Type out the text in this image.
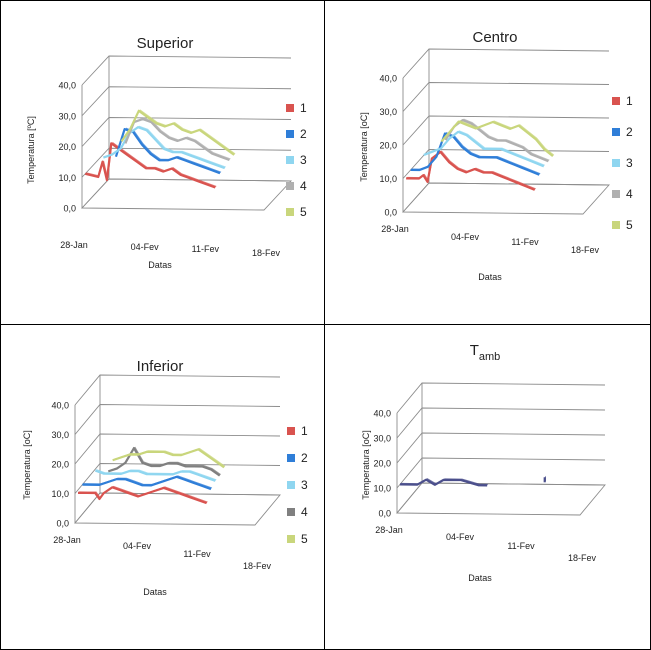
0,0
10,0
20,0
30,0
40,0
28-Jan	04-Fev	11-Fev	18-Fev
Superior
Temperatura [ºC]
Datas
1
2
3
4
5	0,0
10,0
20,0
30,0
40,0
28-Jan
04-Fev	11-Fev
18-Fev
Centro
Temperatura [oC]
Datas
1
2
3
4
5
0,0
10,0
20,0
30,0
40,0
28-Jan
04-Fev
11-Fev
18-Fev
Inferior
Temperatura [oC]
Datas
1
2
3
4
5
0,0
10,0
20,0
30,0
40,0
28-Jan
04-Fev
11-Fev
18-Fev
$T_{amb}$
Temperatura [oC]
Datas
